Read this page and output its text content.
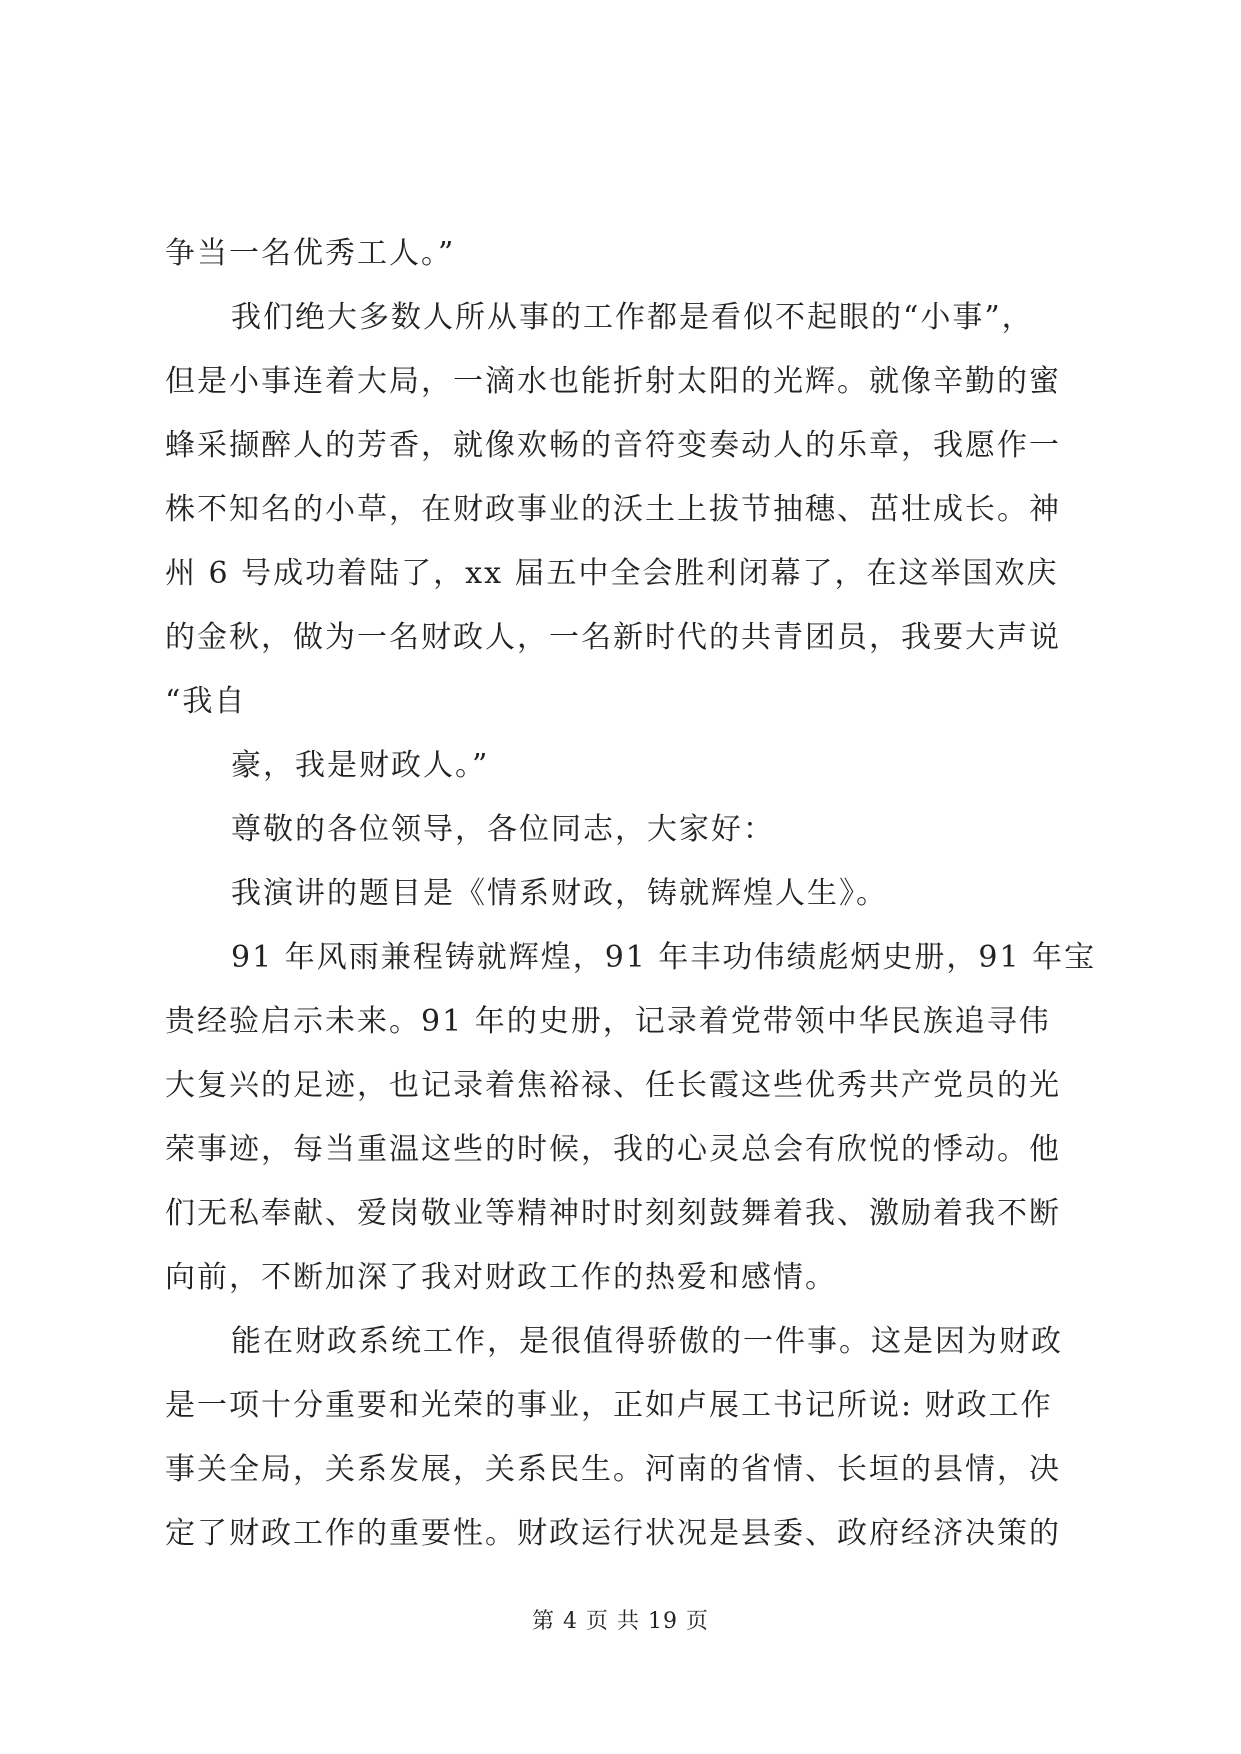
争当一名优秀工人。”
我们绝大多数人所从事的工作都是看似不起眼的“小事”，
但是小事连着大局，一滴水也能折射太阳的光辉。就像辛勤的蜜
蜂采撷醉人的芳香，就像欢畅的音符变奏动人的乐章，我愿作一
株不知名的小草，在财政事业的沃土上拔节抽穗、茁壮成长。神
州 6 号成功着陆了，xx 届五中全会胜利闭幕了，在这举国欢庆
的金秋，做为一名财政人，一名新时代的共青团员，我要大声说
“我自
豪，我是财政人。”
尊敬的各位领导，各位同志，大家好：
我演讲的题目是《情系财政，铸就辉煌人生》。
91 年风雨兼程铸就辉煌，91 年丰功伟绩彪炳史册，91 年宝
贵经验启示未来。91 年的史册，记录着党带领中华民族追寻伟
大复兴的足迹，也记录着焦裕禄、任长霞这些优秀共产党员的光
荣事迹，每当重温这些的时候，我的心灵总会有欣悦的悸动。他
们无私奉献、爱岗敬业等精神时时刻刻鼓舞着我、激励着我不断
向前，不断加深了我对财政工作的热爱和感情。
能在财政系统工作，是很值得骄傲的一件事。这是因为财政
是一项十分重要和光荣的事业，正如卢展工书记所说: 财政工作
事关全局，关系发展，关系民生。河南的省情、长垣的县情，决
定了财政工作的重要性。财政运行状况是县委、政府经济决策的
第 4 页 共 19 页
